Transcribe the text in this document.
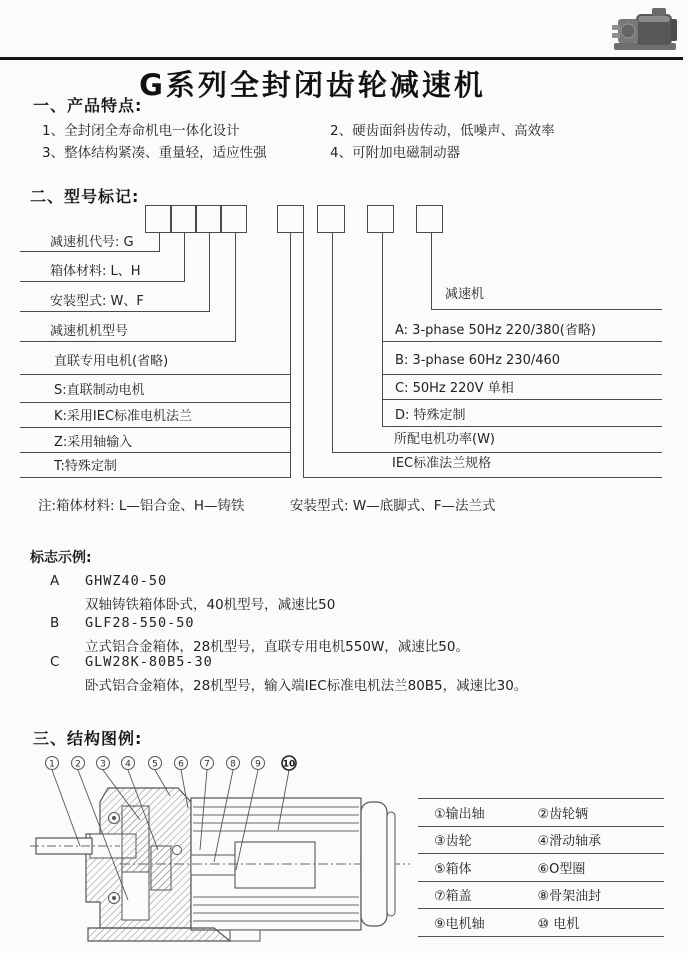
G系列全封闭齿轮减速机
一、产品特点:
1、全封闭全寿命机电一体化设计	2、硬齿面斜齿传动，低噪声、高效率
3、整体结构紧凑、重量轻，适应性强	4、可附加电磁制动器
二、型号标记:
减速机代号: G
箱体材料: L、H
安装型式: W、F
减速机机型号
直联专用电机(省略)
S:直联制动电机
K:采用IEC标准电机法兰
Z:采用轴输入
T:特殊定制
减速机
A: 3-phase 50Hz 220/380(省略)
B: 3-phase 60Hz 230/460
C: 50Hz 220V 单相
D: 特殊定制
所配电机功率(W)
IEC标准法兰规格
注:箱体材料: L—铝合金、H—铸铁	安装型式: W—底脚式、F—法兰式
标志示例:
A GHWZ40-50
双轴铸铁箱体卧式，40机型号，减速比50
B GLF28-550-50
立式铝合金箱体，28机型号，直联专用电机550W，减速比50。
C GLW28K-80B5-30
卧式铝合金箱体，28机型号，输入端IEC标准电机法兰80B5，减速比30。
三、结构图例:
1 2 3 4 5 6 7 8 9 10
①输出轴	②齿轮辆
③齿轮	④滑动轴承
⑤箱体	⑥O型圈
⑦箱盖	⑧骨架油封
⑨电机轴	⑩ 电机
